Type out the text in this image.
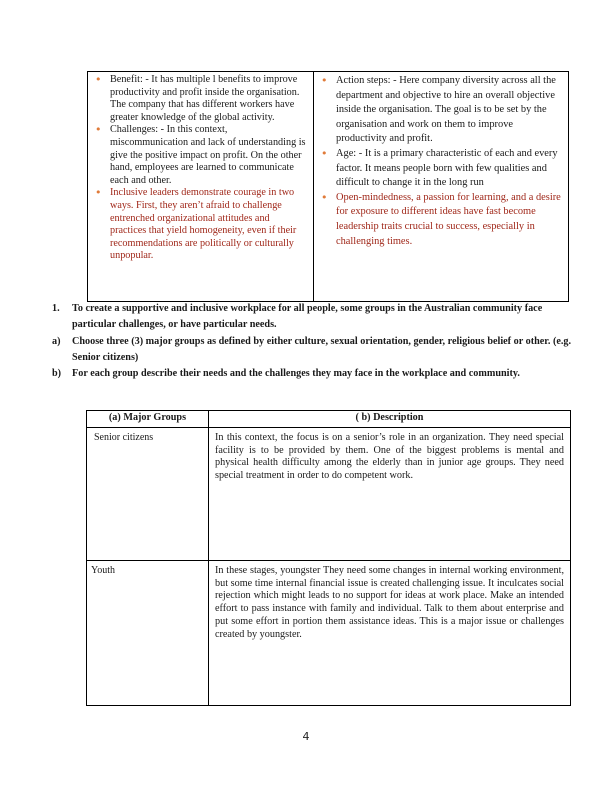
• Benefit: - It has multiple l benefits to improve productivity and profit inside the organisation. The company that has different workers have greater knowledge of the global activity.
• Challenges: - In this context, miscommunication and lack of understanding is give the positive impact on profit. On the other hand, employees are learned to communicate each and other.
• Inclusive leaders demonstrate courage in two ways. First, they aren’t afraid to challenge entrenched organizational attitudes and practices that yield homogeneity, even if their recommendations are politically or culturally unpopular.
• Action steps: - Here company diversity across all the department and objective to hire an overall objective inside the organisation. The goal is to be set by the organisation and work on them to improve productivity and profit.
• Age: - It is a primary characteristic of each and every factor. It means people born with few qualities and difficult to change it in the long run
• Open-mindedness, a passion for learning, and a desire for exposure to different ideas have fast become leadership traits crucial to success, especially in challenging times.
1.	To create a supportive and inclusive workplace for all people, some groups in the Australian community face particular challenges, or have particular needs.
a)	Choose three (3) major groups as defined by either culture, sexual orientation, gender, religious belief or other. (e.g. Senior citizens)
b)	For each group describe their needs and the challenges they may face in the workplace and community.
(a) Major Groups	( b) Description
Senior citizens	In this context, the focus is on a senior’s role in an organization. They need special facility is to be provided by them. One of the biggest problems is mental and physical health difficulty among the elderly than in junior age groups. They need special treatment in order to do competent work.
Youth	In these stages, youngster They need some changes in internal working environment, but some time internal financial issue is created challenging issue. It inculcates social rejection which might leads to no support for ideas at work place. Make an intended effort to pass instance with family and individual. Talk to them about enterprise and put some effort in portion them assistance ideas. This is a major issue or challenges created by youngster.
4
